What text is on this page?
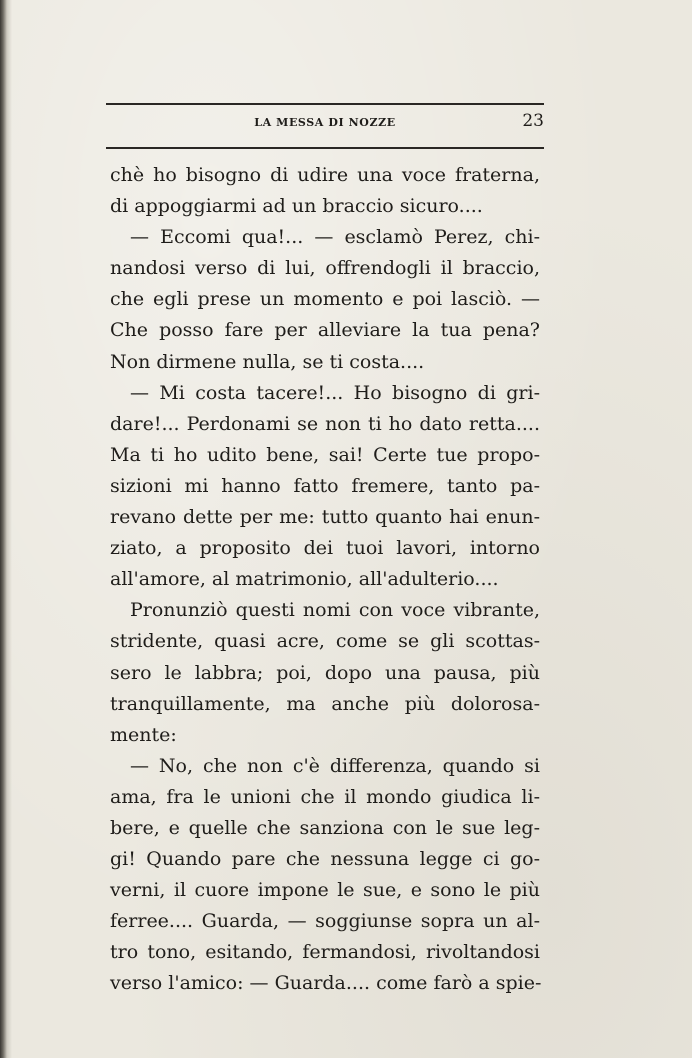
LA MESSA DI NOZZE	23
chè ho bisogno di udire una voce fraterna,
di appoggiarmi ad un braccio sicuro....
— Eccomi qua!... — esclamò Perez, chi-
nandosi verso di lui, offrendogli il braccio,
che egli prese un momento e poi lasciò. —
Che posso fare per alleviare la tua pena?
Non dirmene nulla, se ti costa....
— Mi costa tacere!... Ho bisogno di gri-
dare!... Perdonami se non ti ho dato retta....
Ma ti ho udito bene, sai! Certe tue propo-
sizioni mi hanno fatto fremere, tanto pa-
revano dette per me: tutto quanto hai enun-
ziato, a proposito dei tuoi lavori, intorno
all'amore, al matrimonio, all'adulterio....
Pronunziò questi nomi con voce vibrante,
stridente, quasi acre, come se gli scottas-
sero le labbra; poi, dopo una pausa, più
tranquillamente, ma anche più dolorosa-
mente:
— No, che non c'è differenza, quando si
ama, fra le unioni che il mondo giudica li-
bere, e quelle che sanziona con le sue leg-
gi! Quando pare che nessuna legge ci go-
verni, il cuore impone le sue, e sono le più
ferree.... Guarda, — soggiunse sopra un al-
tro tono, esitando, fermandosi, rivoltandosi
verso l'amico: — Guarda.... come farò a spie-
